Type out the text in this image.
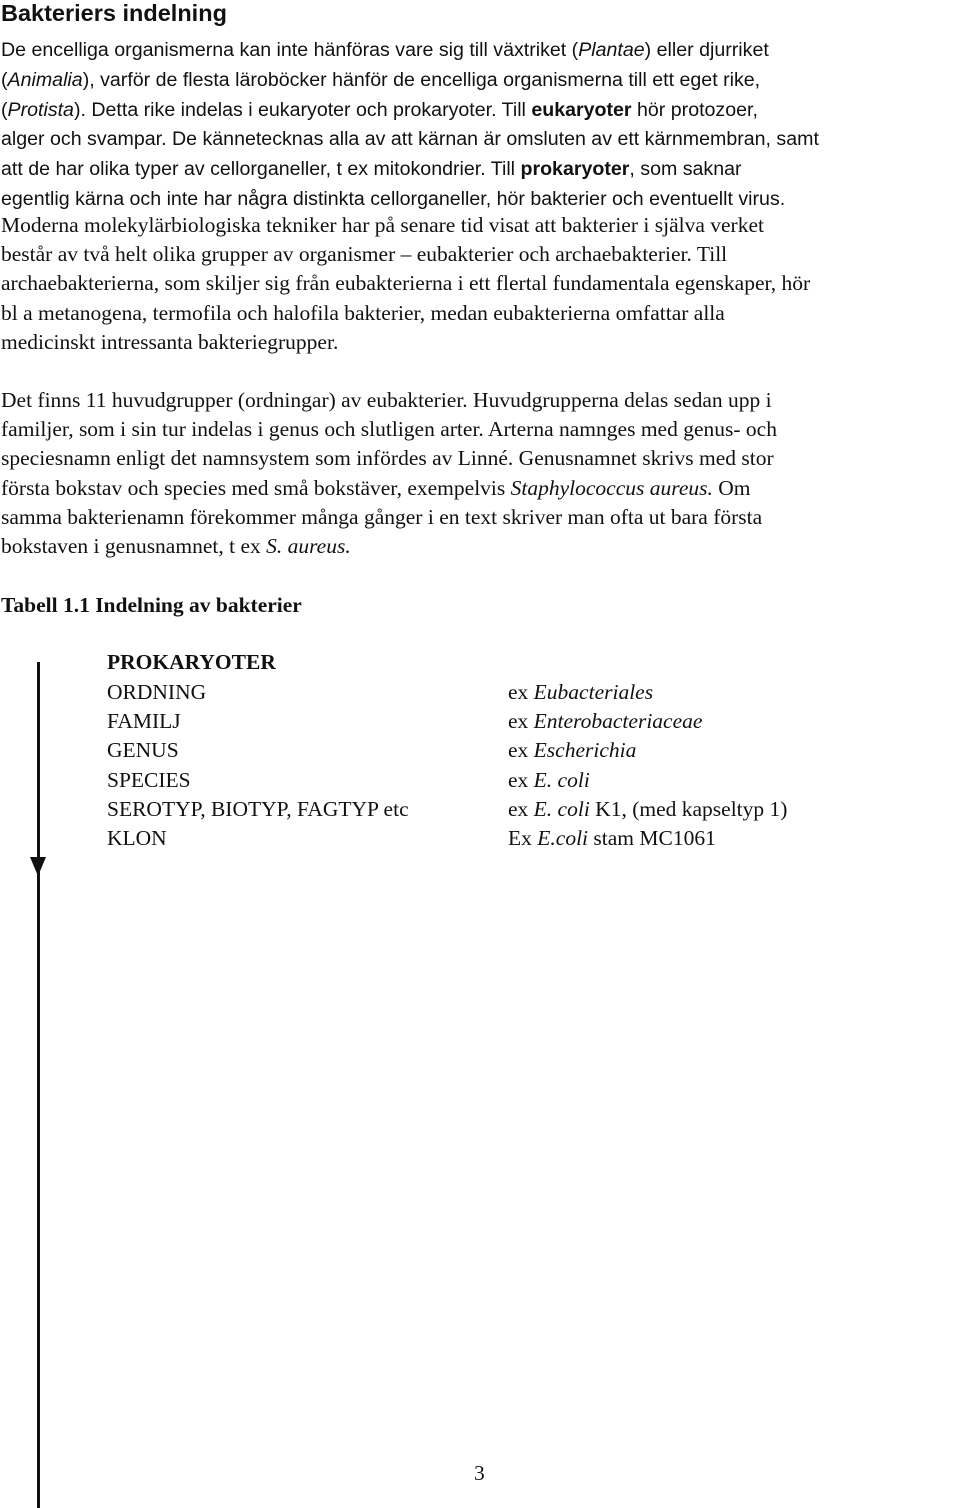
Bakteriers indelning
De encelliga organismerna kan inte hänföras vare sig till växtriket (Plantae) eller djurriket
(Animalia), varför de flesta läroböcker hänför de encelliga organismerna till ett eget rike,
(Protista). Detta rike indelas i eukaryoter och prokaryoter. Till eukaryoter hör protozoer,
alger och svampar. De kännetecknas alla av att kärnan är omsluten av ett kärnmembran, samt
att de har olika typer av cellorganeller, t ex mitokondrier. Till prokaryoter, som saknar
egentlig kärna och inte har några distinkta cellorganeller, hör bakterier och eventuellt virus.
Moderna molekylärbiologiska tekniker har på senare tid visat att bakterier i själva verket
består av två helt olika grupper av organismer – eubakterier och archaebakterier. Till
archaebakterierna, som skiljer sig från eubakterierna i ett flertal fundamentala egenskaper, hör
bl a metanogena, termofila och halofila bakterier, medan eubakterierna omfattar alla
medicinskt intressanta bakteriegrupper.
Det finns 11 huvudgrupper (ordningar) av eubakterier. Huvudgrupperna delas sedan upp i
familjer, som i sin tur indelas i genus och slutligen arter. Arterna namnges med genus- och
speciesnamn enligt det namnsystem som infördes av Linné. Genusnamnet skrivs med stor
första bokstav och species med små bokstäver, exempelvis Staphylococcus aureus. Om
samma bakterienamn förekommer många gånger i en text skriver man ofta ut bara första
bokstaven i genusnamnet, t ex S. aureus.
Tabell 1.1 Indelning av bakterier
PROKARYOTER
ORDNING	ex Eubacteriales
FAMILJ	ex Enterobacteriaceae
GENUS	ex Escherichia
SPECIES	ex E. coli
SEROTYP, BIOTYP, FAGTYP etc	ex E. coli K1, (med kapseltyp 1)
KLON	Ex E.coli stam MC1061
3
